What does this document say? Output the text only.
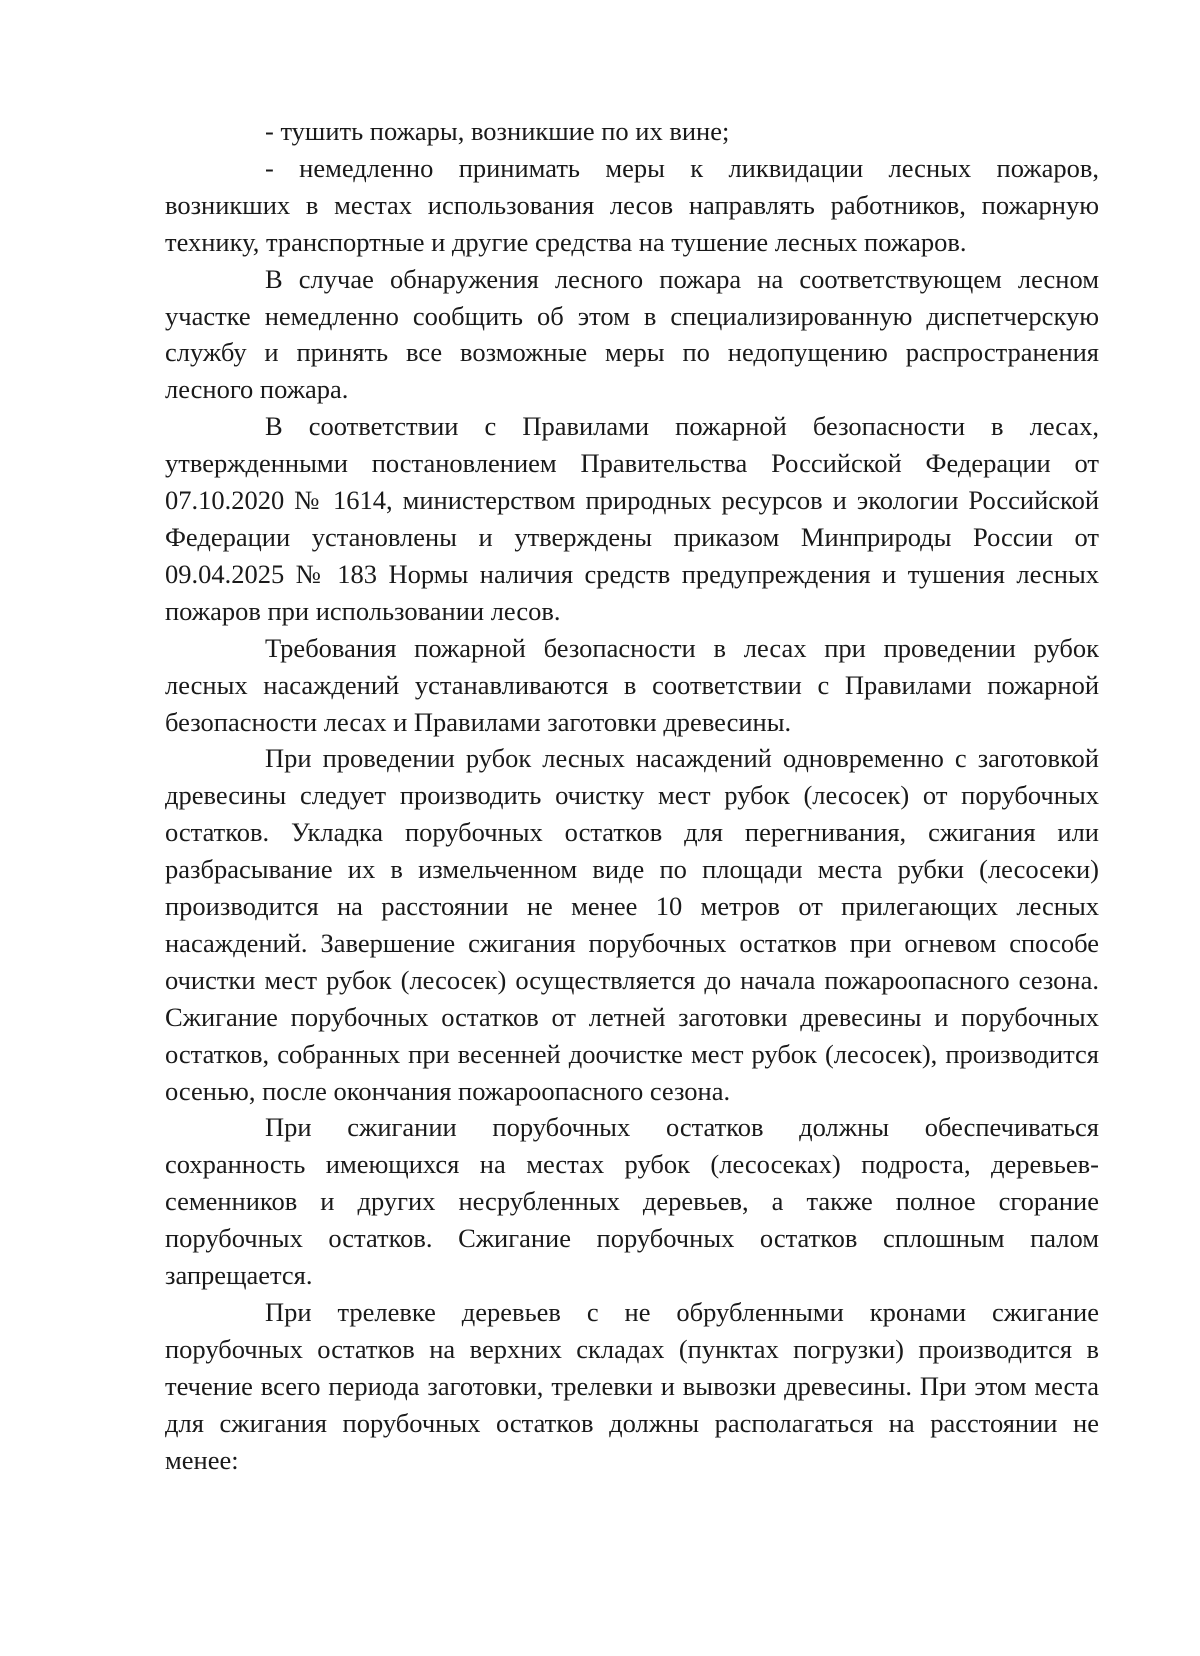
- тушить пожары, возникшие по их вине;

- немедленно принимать меры к ликвидации лесных пожаров, возникших в местах использования лесов направлять работников, пожарную технику, транспортные и другие средства на тушение лесных пожаров.

В случае обнаружения лесного пожара на соответствующем лесном участке немедленно сообщить об этом в специализированную диспетчерскую службу и принять все возможные меры по недопущению распространения лесного пожара.

В соответствии с Правилами пожарной безопасности в лесах, утвержденными постановлением Правительства Российской Федерации от 07.10.2020 № 1614, министерством природных ресурсов и экологии Российской Федерации установлены и утверждены приказом Минприроды России от 09.04.2025 № 183 Нормы наличия средств предупреждения и тушения лесных пожаров при использовании лесов.

Требования пожарной безопасности в лесах при проведении рубок лесных насаждений устанавливаются в соответствии с Правилами пожарной безопасности лесах и Правилами заготовки древесины.

При проведении рубок лесных насаждений одновременно с заготовкой древесины следует производить очистку мест рубок (лесосек) от порубочных остатков. Укладка порубочных остатков для перегнивания, сжигания или разбрасывание их в измельченном виде по площади места рубки (лесосеки) производится на расстоянии не менее 10 метров от прилегающих лесных насаждений. Завершение сжигания порубочных остатков при огневом способе очистки мест рубок (лесосек) осуществляется до начала пожароопасного сезона. Сжигание порубочных остатков от летней заготовки древесины и порубочных остатков, собранных при весенней доочистке мест рубок (лесосек), производится осенью, после окончания пожароопасного сезона.

При сжигании порубочных остатков должны обеспечиваться сохранность имеющихся на местах рубок (лесосеках) подроста, деревьев-семенников и других несрубленных деревьев, а также полное сгорание порубочных остатков. Сжигание порубочных остатков сплошным палом запрещается.

При трелевке деревьев с не обрубленными кронами сжигание порубочных остатков на верхних складах (пунктах погрузки) производится в течение всего периода заготовки, трелевки и вывозки древесины. При этом места для сжигания порубочных остатков должны располагаться на расстоянии не менее:
